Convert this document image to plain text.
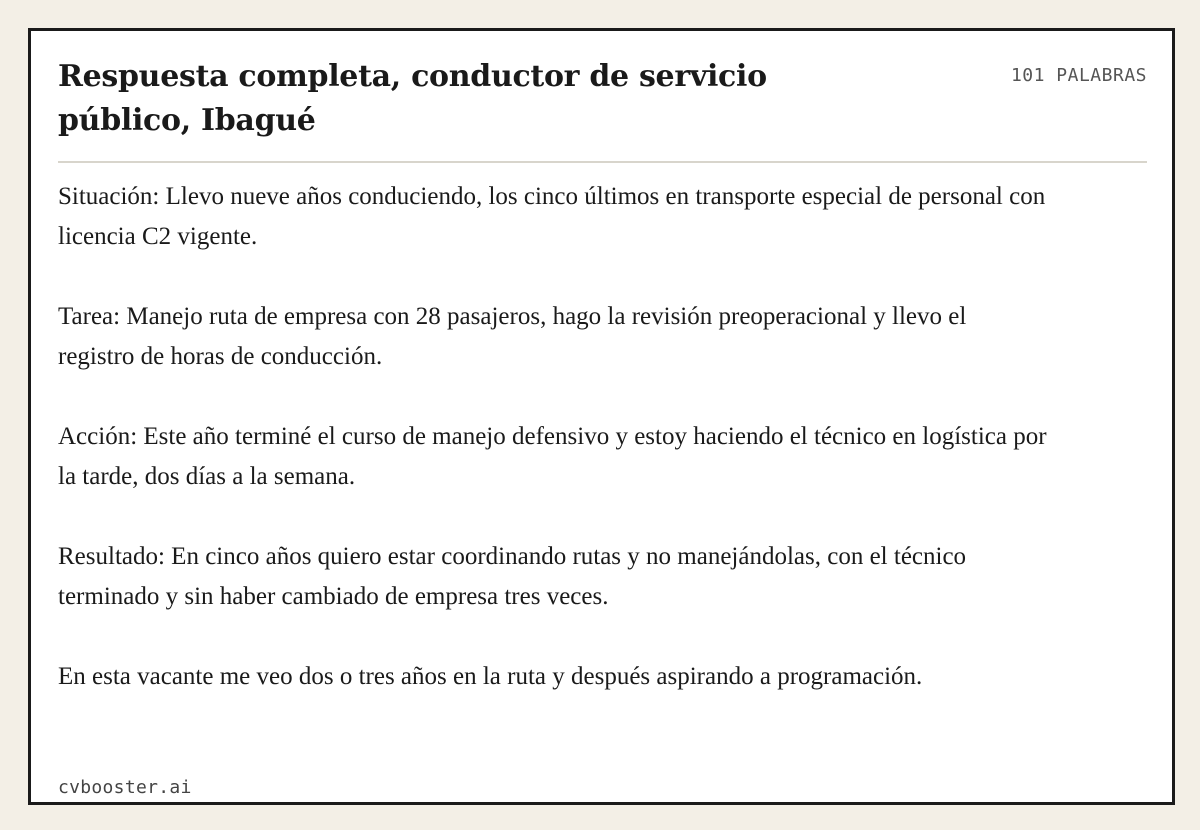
Respuesta completa, conductor de servicio público, Ibagué
101 PALABRAS

Situación: Llevo nueve años conduciendo, los cinco últimos en transporte especial de personal con licencia C2 vigente.

Tarea: Manejo ruta de empresa con 28 pasajeros, hago la revisión preoperacional y llevo el registro de horas de conducción.

Acción: Este año terminé el curso de manejo defensivo y estoy haciendo el técnico en logística por la tarde, dos días a la semana.

Resultado: En cinco años quiero estar coordinando rutas y no manejándolas, con el técnico terminado y sin haber cambiado de empresa tres veces.

En esta vacante me veo dos o tres años en la ruta y después aspirando a programación.

cvbooster.ai
